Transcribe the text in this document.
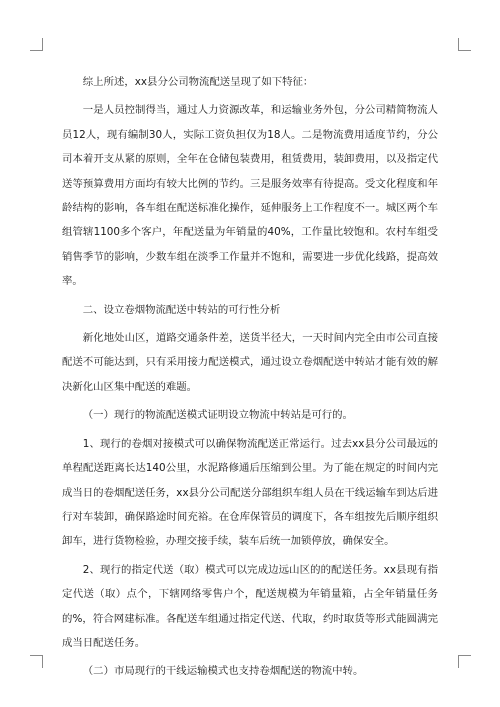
综上所述，xx县分公司物流配送呈现了如下特征：

一是人员控制得当，通过人力资源改革，和运输业务外包，分公司精简物流人员12人，现有编制30人，实际工资负担仅为18人。二是物流费用适度节约，分公司本着开支从紧的原则，全年在仓储包装费用，租赁费用，装卸费用，以及指定代送等预算费用方面均有较大比例的节约。三是服务效率有待提高。受文化程度和年龄结构的影响，各车组在配送标准化操作，延伸服务上工作程度不一。城区两个车组管辖1100多个客户，年配送量为年销量的40%，工作量比较饱和。农村车组受销售季节的影响，少数车组在淡季工作量并不饱和，需要进一步优化线路，提高效率。

二、设立卷烟物流配送中转站的可行性分析

新化地处山区，道路交通条件差，送货半径大，一天时间内完全由市公司直接配送不可能达到，只有采用接力配送模式，通过设立卷烟配送中转站才能有效的解决新化山区集中配送的难题。

（一）现行的物流配送模式证明设立物流中转站是可行的。

1、现行的卷烟对接模式可以确保物流配送正常运行。过去xx县分公司最远的单程配送距离长达140公里，水泥路修通后压缩到公里。为了能在规定的时间内完成当日的卷烟配送任务，xx县分公司配送分部组织车组人员在干线运输车到达后进行对车装卸，确保路途时间充裕。在仓库保管员的调度下，各车组按先后顺序组织卸车，进行货物检验，办理交接手续，装车后统一加锁停放，确保安全。

2、现行的指定代送（取）模式可以完成边远山区的的配送任务。xx县现有指定代送（取）点个，下辖网络零售户个，配送规模为年销量箱，占全年销量任务的%，符合网建标准。各配送车组通过指定代送、代取，约时取货等形式能圆满完成当日配送任务。

（二）市局现行的干线运输模式也支持卷烟配送的物流中转。
